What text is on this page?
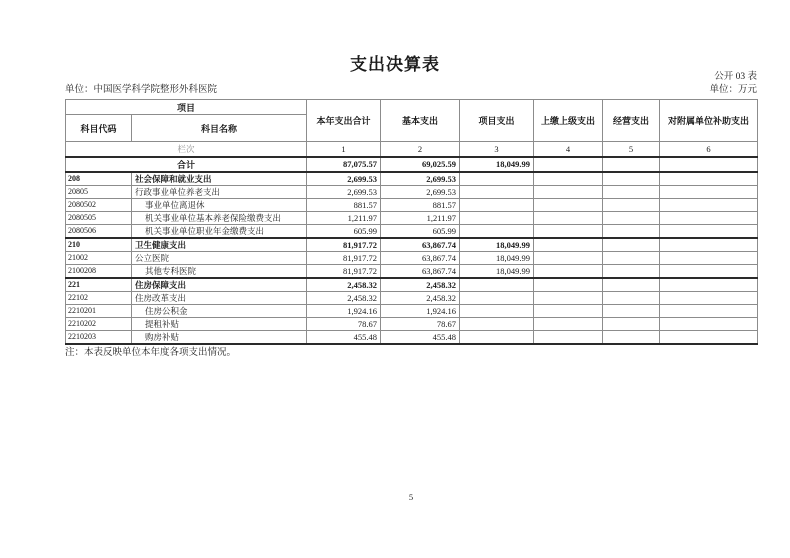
支出决算表
公开 03 表
单位：中国医学科学院整形外科医院	单位：万元
项目		本年支出合计	基本支出	项目支出	上缴上级支出	经营支出	对附属单位补助支出
科目代码	科目名称						
栏次		1	2	3	4	5	6
合计		87,075.57	69,025.59	18,049.99			
208	社会保障和就业支出	2,699.53	2,699.53				
20805	行政事业单位养老支出	2,699.53	2,699.53				
2080502	事业单位离退休	881.57	881.57				
2080505	机关事业单位基本养老保险缴费支出	1,211.97	1,211.97				
2080506	机关事业单位职业年金缴费支出	605.99	605.99				
210	卫生健康支出	81,917.72	63,867.74	18,049.99			
21002	公立医院	81,917.72	63,867.74	18,049.99			
2100208	其他专科医院	81,917.72	63,867.74	18,049.99			
221	住房保障支出	2,458.32	2,458.32				
22102	住房改革支出	2,458.32	2,458.32				
2210201	住房公积金	1,924.16	1,924.16				
2210202	提租补贴	78.67	78.67				
2210203	购房补贴	455.48	455.48				
注：本表反映单位本年度各项支出情况。
5
